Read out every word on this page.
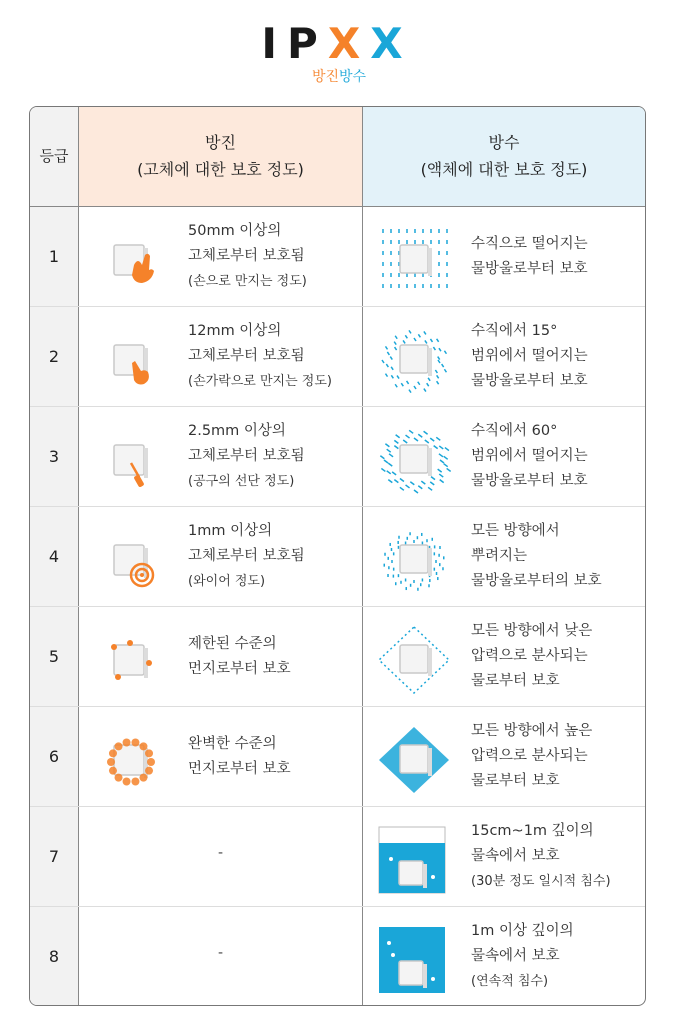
IPXX
방진방수
등급
방진
(고체에 대한 보호 정도)
방수
(액체에 대한 보호 정도)
1
50mm 이상의
고체로부터 보호됨
(손으로 만지는 정도)
수직으로 떨어지는
물방울로부터 보호
2
12mm 이상의
고체로부터 보호됨
(손가락으로 만지는 정도)
수직에서 15°
범위에서 떨어지는
물방울로부터 보호
3
2.5mm 이상의
고체로부터 보호됨
(공구의 선단 정도)
수직에서 60°
범위에서 떨어지는
물방울로부터 보호
4
1mm 이상의
고체로부터 보호됨
(와이어 정도)
모든 방향에서
뿌려지는
물방울로부터의 보호
5
제한된 수준의
먼지로부터 보호
모든 방향에서 낮은
압력으로 분사되는
물로부터 보호
6
완벽한 수준의
먼지로부터 보호
모든 방향에서 높은
압력으로 분사되는
물로부터 보호
7	-
15cm~1m 깊이의
물속에서 보호
(30분 정도 일시적 침수)
8	-
1m 이상 깊이의
물속에서 보호
(연속적 침수)
